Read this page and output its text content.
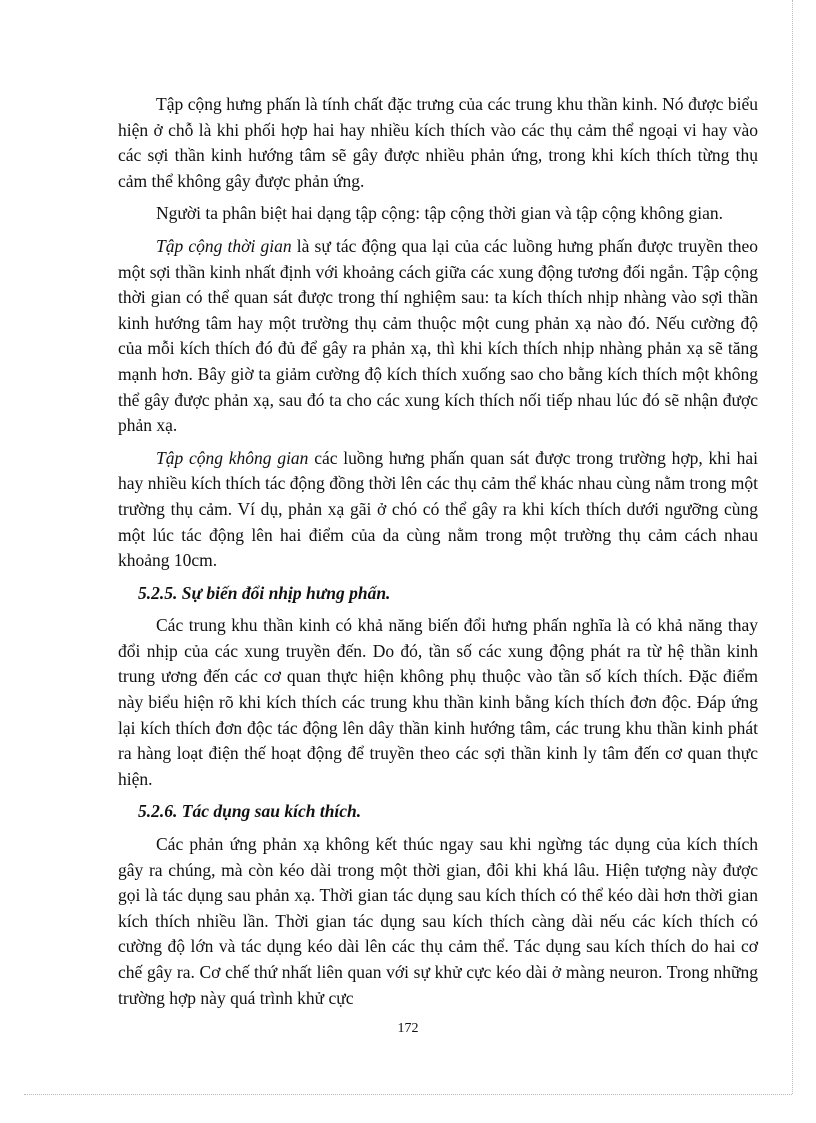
Tập cộng hưng phấn là tính chất đặc trưng của các trung khu thần kinh. Nó được biểu hiện ở chỗ là khi phối hợp hai hay nhiều kích thích vào các thụ cảm thể ngoại vi hay vào các sợi thần kinh hướng tâm sẽ gây được nhiều phản ứng, trong khi kích thích từng thụ cảm thể không gây được phản ứng.

Người ta phân biệt hai dạng tập cộng: tập cộng thời gian và tập cộng không gian.

Tập cộng thời gian là sự tác động qua lại của các luồng hưng phấn được truyền theo một sợi thần kinh nhất định với khoảng cách giữa các xung động tương đối ngắn. Tập cộng thời gian có thể quan sát được trong thí nghiệm sau: ta kích thích nhịp nhàng vào sợi thần kinh hướng tâm hay một trường thụ cảm thuộc một cung phản xạ nào đó. Nếu cường độ của mỗi kích thích đó đủ để gây ra phản xạ, thì khi kích thích nhịp nhàng phản xạ sẽ tăng mạnh hơn. Bây giờ ta giảm cường độ kích thích xuống sao cho bằng kích thích một không thể gây được phản xạ, sau đó ta cho các xung kích thích nối tiếp nhau lúc đó sẽ nhận được phản xạ.

Tập cộng không gian các luồng hưng phấn quan sát được trong trường hợp, khi hai hay nhiều kích thích tác động đồng thời lên các thụ cảm thể khác nhau cùng nằm trong một trường thụ cảm. Ví dụ, phản xạ gãi ở chó có thể gây ra khi kích thích dưới ngưỡng cùng một lúc tác động lên hai điểm của da cùng nằm trong một trường thụ cảm cách nhau khoảng 10cm.

5.2.5. Sự biến đổi nhịp hưng phấn.

Các trung khu thần kinh có khả năng biến đổi hưng phấn nghĩa là có khả năng thay đổi nhịp của các xung truyền đến. Do đó, tần số các xung động phát ra từ hệ thần kinh trung ương đến các cơ quan thực hiện không phụ thuộc vào tần số kích thích. Đặc điểm này biểu hiện rõ khi kích thích các trung khu thần kinh bằng kích thích đơn độc. Đáp ứng lại kích thích đơn độc tác động lên dây thần kinh hướng tâm, các trung khu thần kinh phát ra hàng loạt điện thế hoạt động để truyền theo các sợi thần kinh ly tâm đến cơ quan thực hiện.

5.2.6. Tác dụng sau kích thích.

Các phản ứng phản xạ không kết thúc ngay sau khi ngừng tác dụng của kích thích gây ra chúng, mà còn kéo dài trong một thời gian, đôi khi khá lâu. Hiện tượng này được gọi là tác dụng sau phản xạ. Thời gian tác dụng sau kích thích có thể kéo dài hơn thời gian kích thích nhiều lần. Thời gian tác dụng sau kích thích càng dài nếu các kích thích có cường độ lớn và tác dụng kéo dài lên các thụ cảm thể. Tác dụng sau kích thích do hai cơ chế gây ra. Cơ chế thứ nhất liên quan với sự khử cực kéo dài ở màng neuron. Trong những trường hợp này quá trình khử cực

172
